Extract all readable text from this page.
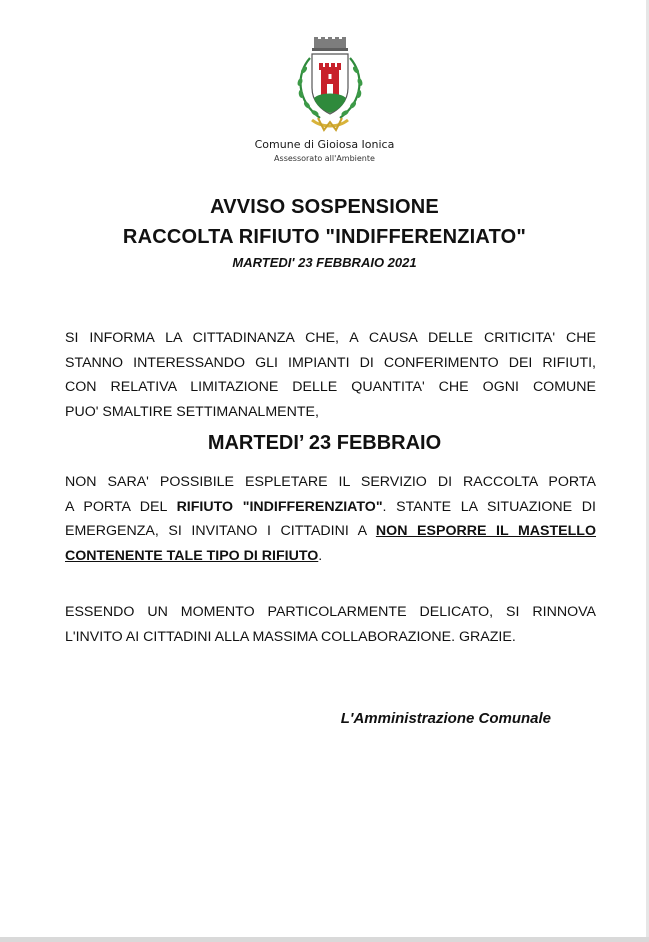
Comune di Gioiosa Ionica

Assessorato all'Ambiente

AVVISO SOSPENSIONE
RACCOLTA RIFIUTO "INDIFFERENZIATO"

MARTEDI' 23 FEBBRAIO 2021

SI INFORMA LA CITTADINANZA CHE, A CAUSA DELLE CRITICITA' CHE
STANNO INTERESSANDO GLI IMPIANTI DI CONFERIMENTO DEI RIFIUTI,
CON RELATIVA LIMITAZIONE DELLE QUANTITA' CHE OGNI COMUNE
PUO' SMALTIRE SETTIMANALMENTE,

MARTEDI’ 23 FEBBRAIO

NON SARA' POSSIBILE ESPLETARE IL SERVIZIO DI RACCOLTA PORTA
A PORTA DEL RIFIUTO "INDIFFERENZIATO". STANTE LA SITUAZIONE DI
EMERGENZA, SI INVITANO I CITTADINI A NON ESPORRE IL MASTELLO
CONTENENTE TALE TIPO DI RIFIUTO.
ESSENDO UN MOMENTO PARTICOLARMENTE DELICATO, SI RINNOVA
L'INVITO AI CITTADINI ALLA MASSIMA COLLABORAZIONE. GRAZIE.

L'Amministrazione Comunale
